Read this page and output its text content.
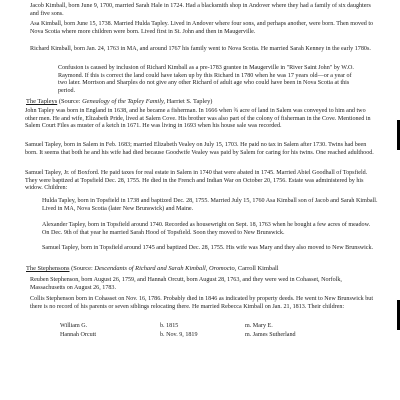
Jacob Kimball, born June 9, 1700, married Sarah Hale in 1724. Had a blacksmith shop in Andover where they had a family of six daughters and five sons.

Asa Kimball, born June 15, 1738. Married Hulda Tapley. Lived in Andover where four sons, and perhaps another, were born. Then moved to Nova Scotia where more children were born. Lived first in St. John and then in Maugerville.

Richard Kimball, born Jan. 24, 1763 in MA, and around 1767 his family went to Nova Scotia. He married Sarah Kenney in the early 1780s.

Confusion is caused by inclusion of Richard Kimball as a pre-1783 grantee in Maugerville in "River Saint John" by W.O. Raymond. If this is correct the land could have taken up by this Richard in 1780 when he was 17 years old—or a year of two later. Morrison and Sharples do not give any other Richard of adult age who could have been in Nova Scotia at this period.
The Tapleys (Source: Genealogy of the Tapley Family, Harriet S. Tapley)

John Tapley was born in England in 1638, and he became a fisherman. In 1666 when ¾ acre of land in Salem was conveyed to him and two other men. He and wife, Elizabeth Pride, lived at Salem Cove. His brother was also part of the colony of fisherman in the Cove. Mentioned in Salem Court Files as muster of a ketch in 1671. He was living in 1693 when his house sale was recorded.

Samuel Tapley, born in Salem in Feb. 1683; married Elizabeth Vealey on July 15, 1703. He paid no tax in Salem after 1730. Twins had been born. It seems that both he and his wife had died because Goodwife Vealey was paid by Salem for caring for his twins. One reached adulthood.

Samuel Tapley, Jr. of Boxford. He paid taxes for real estate in Salem in 1740 that were abated in 1745. Married Abiel Goodhall of Topsfield. They were baptized at Topsfield Dec. 28, 1755. He died in the French and Indian War on October 20, 1756. Estate was administered by his widow. Children:

Hulda Tapley, born in Topsfield in 1738 and baptized Dec. 28, 1755. Married July 15, 1760 Asa Kimball son of Jacob and Sarah Kimball. Lived in MA, Nova Scotia (later New Brunswick) and Maine.

Alexander Tapley, born in Topsfield around 1740. Recorded as housewright on Sept. 18, 1763 when he bought a few acres of meadow. On Dec. 9th of that year he married Sarah Hood of Topsfield. Soon they moved to New Brunswick.

Samuel Tapley, born in Topsfield around 1745 and baptized Dec. 28, 1755. His wife was Mary and they also moved to New Brunswick.

The Stephensons (Source: Descendants of Richard and Sarah Kimball, Oromocto, Carroll Kimball

Reuben Stephenson, born August 26, 1759, and Hannah Orcutt, born August 28, 1763, and they were wed in Cohasset, Norfolk, Massachusetts on August 26, 1783.

Collis Stephenson born in Cohasset on Nov. 16, 1786. Probably died in 1846 as indicated by property deeds. He went to New Brunswick but there is no record of his parents or seven siblings relocating there. He married Rebecca Kimball on Jan. 21, 1813. Their children:

William G.	b. 1815	m. Mary E.
Hannah Orcutt	b. Nov. 9, 1819	m. James Sutherland
